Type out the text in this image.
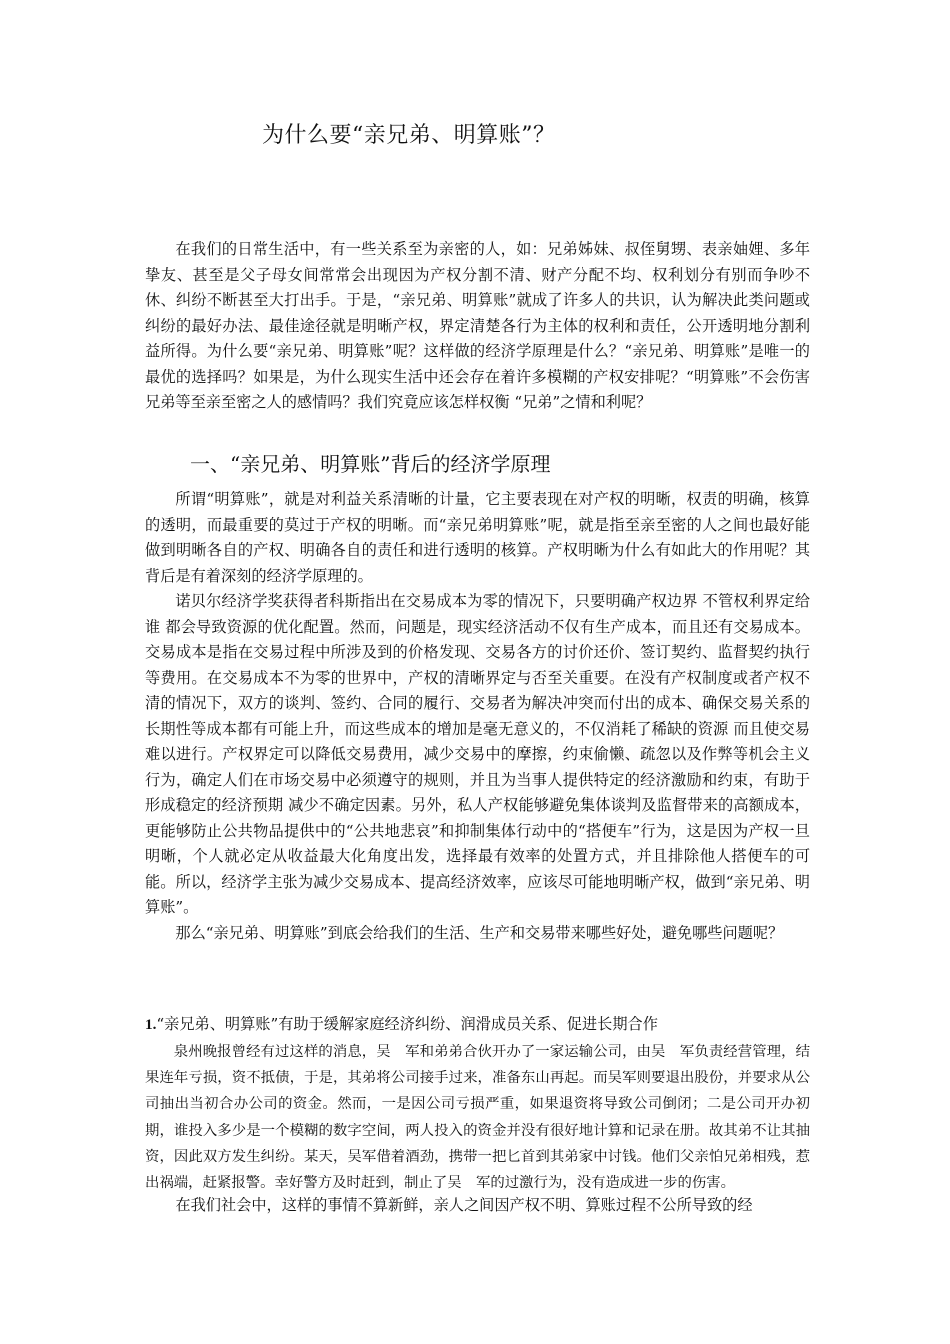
为什么要“亲兄弟、明算账”？

在我们的日常生活中，有一些关系至为亲密的人，如：兄弟姊妹、叔侄舅甥、表亲妯娌、多年挚友、甚至是父子母女间常常会出现因为产权分割不清、财产分配不均、权利划分有别而争吵不休、纠纷不断甚至大打出手。于是，“亲兄弟、明算账”就成了许多人的共识，认为解决此类问题或纠纷的最好办法、最佳途径就是明晰产权，界定清楚各行为主体的权利和责任，公开透明地分割利益所得。为什么要“亲兄弟、明算账”呢？这样做的经济学原理是什么？“亲兄弟、明算账”是唯一的最优的选择吗？如果是，为什么现实生活中还会存在着许多模糊的产权安排呢？“明算账”不会伤害兄弟等至亲至密之人的感情吗？我们究竟应该怎样权衡 “兄弟”之情和利呢？

一、“亲兄弟、明算账”背后的经济学原理

所谓“明算账”，就是对利益关系清晰的计量，它主要表现在对产权的明晰，权责的明确，核算的透明，而最重要的莫过于产权的明晰。而“亲兄弟明算账”呢，就是指至亲至密的人之间也最好能做到明晰各自的产权、明确各自的责任和进行透明的核算。产权明晰为什么有如此大的作用呢？其背后是有着深刻的经济学原理的。

诺贝尔经济学奖获得者科斯指出在交易成本为零的情况下，只要明确产权边界 不管权利界定给谁 都会导致资源的优化配置。然而，问题是，现实经济活动不仅有生产成本，而且还有交易成本。交易成本是指在交易过程中所涉及到的价格发现、交易各方的讨价还价、签订契约、监督契约执行等费用。在交易成本不为零的世界中，产权的清晰界定与否至关重要。在没有产权制度或者产权不清的情况下，双方的谈判、签约、合同的履行、交易者为解决冲突而付出的成本、确保交易关系的长期性等成本都有可能上升，而这些成本的增加是毫无意义的，不仅消耗了稀缺的资源 而且使交易难以进行。产权界定可以降低交易费用，减少交易中的摩擦，约束偷懒、疏忽以及作弊等机会主义行为，确定人们在市场交易中必须遵守的规则，并且为当事人提供特定的经济激励和约束，有助于形成稳定的经济预期 减少不确定因素。另外，私人产权能够避免集体谈判及监督带来的高额成本，更能够防止公共物品提供中的“公共地悲哀”和抑制集体行动中的“搭便车”行为，这是因为产权一旦明晰，个人就必定从收益最大化角度出发，选择最有效率的处置方式，并且排除他人搭便车的可能。所以，经济学主张为减少交易成本、提高经济效率，应该尽可能地明晰产权，做到“亲兄弟、明算账”。

那么“亲兄弟、明算账”到底会给我们的生活、生产和交易带来哪些好处，避免哪些问题呢？

1.“亲兄弟、明算账”有助于缓解家庭经济纠纷、润滑成员关系、促进长期合作

泉州晚报曾经有过这样的消息，吴　军和弟弟合伙开办了一家运输公司，由吴　军负责经营管理，结果连年亏损，资不抵债，于是，其弟将公司接手过来，准备东山再起。而吴军则要退出股份，并要求从公司抽出当初合办公司的资金。然而，一是因公司亏损严重，如果退资将导致公司倒闭；二是公司开办初期，谁投入多少是一个模糊的数字空间，两人投入的资金并没有很好地计算和记录在册。故其弟不让其抽资，因此双方发生纠纷。某天，吴军借着酒劲，携带一把匕首到其弟家中讨钱。他们父亲怕兄弟相残，惹出祸端，赶紧报警。幸好警方及时赶到，制止了吴　军的过激行为，没有造成进一步的伤害。

在我们社会中，这样的事情不算新鲜，亲人之间因产权不明、算账过程不公所导致的经
